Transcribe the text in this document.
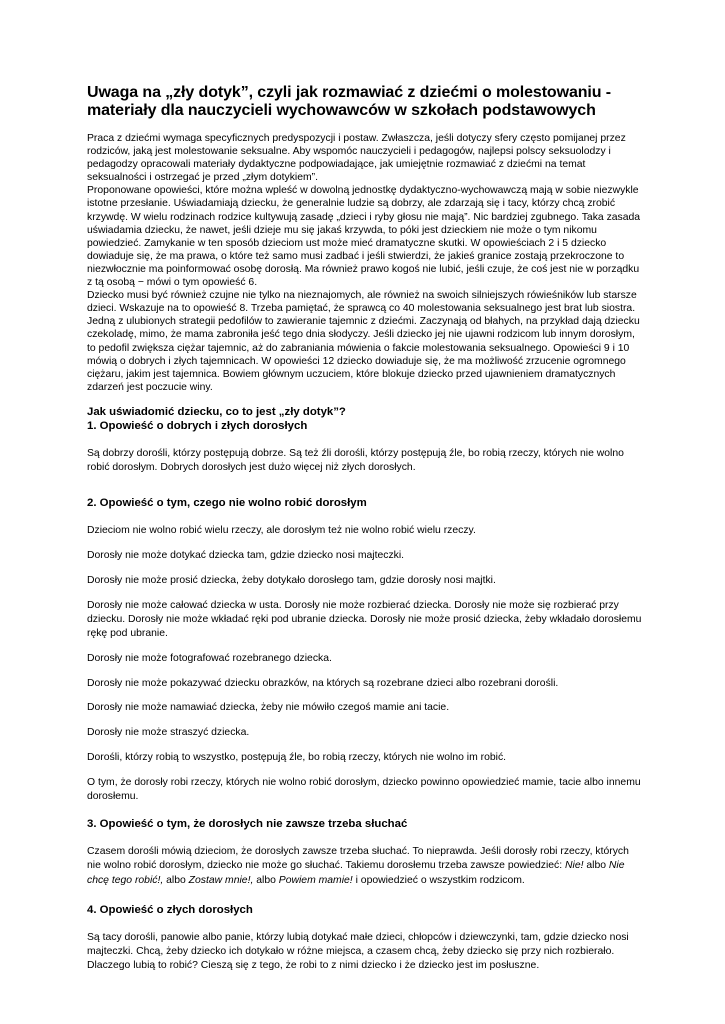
Uwaga na „zły dotyk”, czyli jak rozmawiać z dziećmi o molestowaniu - materiały dla nauczycieli wychowawców w szkołach podstawowych

Praca z dziećmi wymaga specyficznych predyspozycji i postaw. Zwłaszcza, jeśli dotyczy sfery często pomijanej przez rodziców, jaką jest molestowanie seksualne. Aby wspomóc nauczycieli i pedagogów, najlepsi polscy seksuolodzy i pedagodzy opracowali materiały dydaktyczne podpowiadające, jak umiejętnie rozmawiać z dziećmi na temat seksualności i ostrzegać je przed „złym dotykiem”.

Proponowane opowieści, które można wpleść w dowolną jednostkę dydaktyczno-wychowawczą mają w sobie niezwykle istotne przesłanie. Uświadamiają dziecku, że generalnie ludzie są dobrzy, ale zdarzają się i tacy, którzy chcą zrobić krzywdę. W wielu rodzinach rodzice kultywują zasadę „dzieci i ryby głosu nie mają”. Nic bardziej zgubnego. Taka zasada uświadamia dziecku, że nawet, jeśli dzieje mu się jakaś krzywda, to póki jest dzieckiem nie może o tym nikomu powiedzieć. Zamykanie w ten sposób dzieciom ust może mieć dramatyczne skutki. W opowieściach 2 i 5 dziecko dowiaduje się, że ma prawa, o które też samo musi zadbać i jeśli stwierdzi, że jakieś granice zostają przekroczone to niezwłocznie ma poinformować osobę dorosłą. Ma również prawo kogoś nie lubić, jeśli czuje, że coś jest nie w porządku z tą osobą − mówi o tym opowieść 6.

Dziecko musi być również czujne nie tylko na nieznajomych, ale również na swoich silniejszych rówieśników lub starsze dzieci. Wskazuje na to opowieść 8. Trzeba pamiętać, że sprawcą co 40 molestowania seksualnego jest brat lub siostra.

Jedną z ulubionych strategii pedofilów to zawieranie tajemnic z dziećmi. Zaczynają od błahych, na przykład dają dziecku czekoladę, mimo, że mama zabroniła jeść tego dnia słodyczy. Jeśli dziecko jej nie ujawni rodzicom lub innym dorosłym, to pedofil zwiększa ciężar tajemnic, aż do zabraniania mówienia o fakcie molestowania seksualnego. Opowieści 9 i 10 mówią o dobrych i złych tajemnicach. W opowieści 12 dziecko dowiaduje się, że ma możliwość zrzucenie ogromnego ciężaru, jakim jest tajemnica. Bowiem głównym uczuciem, które blokuje dziecko przed ujawnieniem dramatycznych zdarzeń jest poczucie winy.

Jak uświadomić dziecku, co to jest „zły dotyk”?
1. Opowieść o dobrych i złych dorosłych

Są dobrzy dorośli, którzy postępują dobrze. Są też źli dorośli, którzy postępują źle, bo robią rzeczy, których nie wolno robić dorosłym. Dobrych dorosłych jest dużo więcej niż złych dorosłych.

2. Opowieść o tym, czego nie wolno robić dorosłym

Dzieciom nie wolno robić wielu rzeczy, ale dorosłym też nie wolno robić wielu rzeczy.

Dorosły nie może dotykać dziecka tam, gdzie dziecko nosi majteczki.

Dorosły nie może prosić dziecka, żeby dotykało dorosłego tam, gdzie dorosły nosi majtki.

Dorosły nie może całować dziecka w usta. Dorosły nie może rozbierać dziecka. Dorosły nie może się rozbierać przy dziecku. Dorosły nie może wkładać ręki pod ubranie dziecka. Dorosły nie może prosić dziecka, żeby wkładało dorosłemu rękę pod ubranie.

Dorosły nie może fotografować rozebranego dziecka.

Dorosły nie może pokazywać dziecku obrazków, na których są rozebrane dzieci albo rozebrani dorośli.

Dorosły nie może namawiać dziecka, żeby nie mówiło czegoś mamie ani tacie.

Dorosły nie może straszyć dziecka.

Dorośli, którzy robią to wszystko, postępują źle, bo robią rzeczy, których nie wolno im robić.

O tym, że dorosły robi rzeczy, których nie wolno robić dorosłym, dziecko powinno opowiedzieć mamie, tacie albo innemu dorosłemu.

3. Opowieść o tym, że dorosłych nie zawsze trzeba słuchać

Czasem dorośli mówią dzieciom, że dorosłych zawsze trzeba słuchać. To nieprawda. Jeśli dorosły robi rzeczy, których nie wolno robić dorosłym, dziecko nie może go słuchać. Takiemu dorosłemu trzeba zawsze powiedzieć: Nie! albo Nie chcę tego robić!, albo Zostaw mnie!, albo Powiem mamie! i opowiedzieć o wszystkim rodzicom.

4. Opowieść o złych dorosłych

Są tacy dorośli, panowie albo panie, którzy lubią dotykać małe dzieci, chłopców i dziewczynki, tam, gdzie dziecko nosi majteczki. Chcą, żeby dziecko ich dotykało w różne miejsca, a czasem chcą, żeby dziecko się przy nich rozbierało. Dlaczego lubią to robić? Cieszą się z tego, że robi to z nimi dziecko i że dziecko jest im posłuszne.
